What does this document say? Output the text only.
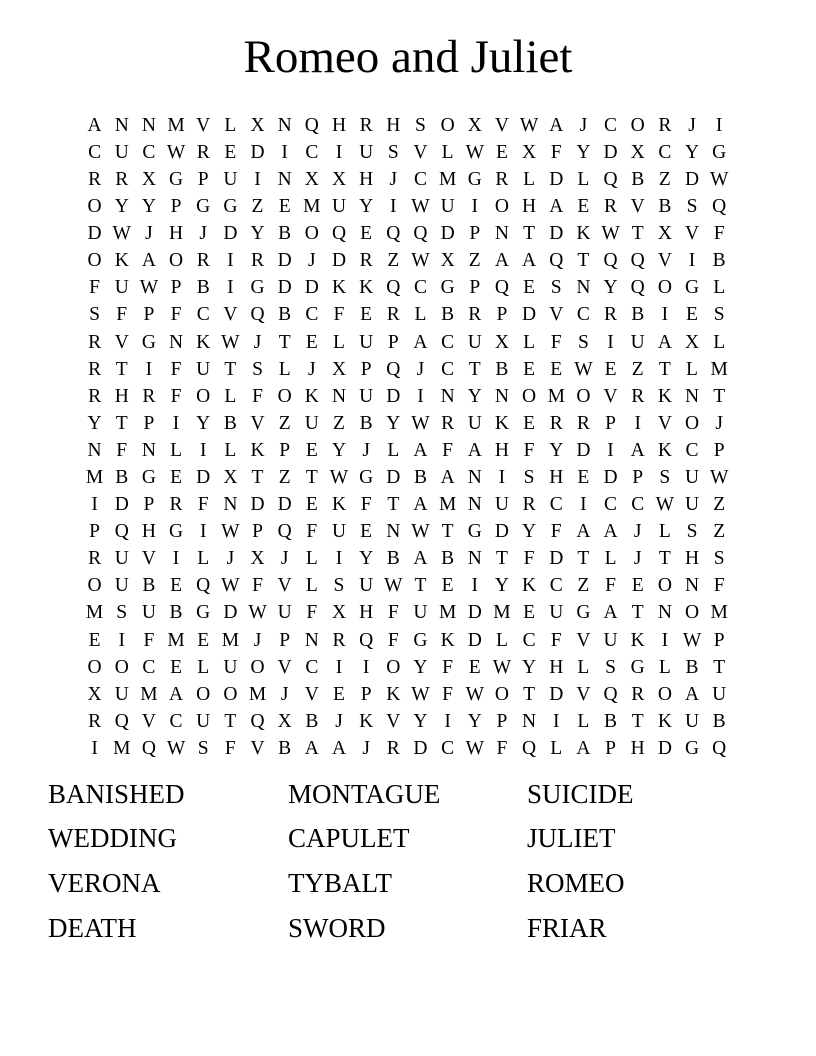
Romeo and Juliet
A N N M V L X N Q H R H S O X V W A J C O R J	I
C U C W R E D I C I U S V L W E X F Y D X C Y G
R R X G P U I N X X H J C M G R L D L Q B Z D W
O Y Y P G G Z E M U Y I W U I O H A E R V B S Q
D W J H J D Y B O Q E Q Q D P N T D K W T X V F
O K A O R I R D J D R Z W X Z A A Q T Q Q V I B
F U W P B I G D D K K Q C G P Q E S N Y Q O G L
S F P F C V Q B C F E R L B R P D V C R B I E S
R V G N K W J T E L U P A C U X L F S I U A X L
R T I F U T S L J X P Q J C T B E E W E Z T L M
R H R F O L F O K N U D I N Y N O M O V R K N T
Y T P I Y B V Z U Z B Y W R U K E R R P I V O J
N F N L I L K P E Y J L A F A H F Y D I A K C P
M B G E D X T Z T W G D B A N I S H E D P S U W
I D P R F N D D E K F T A M N U R C I C C W U Z
P Q H G I W P Q F U E N W T G D Y F A A J L S Z
R U V I L J X J L I Y B A B N T F D T L J T H S
O U B E Q W F V L S U W T E I Y K C Z F E O N F
M S U B G D W U F X H F U M D M E U G A T N O M
E I F M E M J P N R Q F G K D L C F V U K I W P
O O C E L U O V C I	I O Y F E W Y H L S G L B T
X U M A O O M J V E P K W F W O T D V Q R O A U
R Q V C U T Q X B J K V Y I Y P N I L B T K U B
I M Q W S F V B A A J R D C W F Q L A P H D G Q
BANISHED	MONTAGUE	SUICIDE
WEDDING	CAPULET	JULIET
VERONA	TYBALT	ROMEO
DEATH	SWORD	FRIAR
